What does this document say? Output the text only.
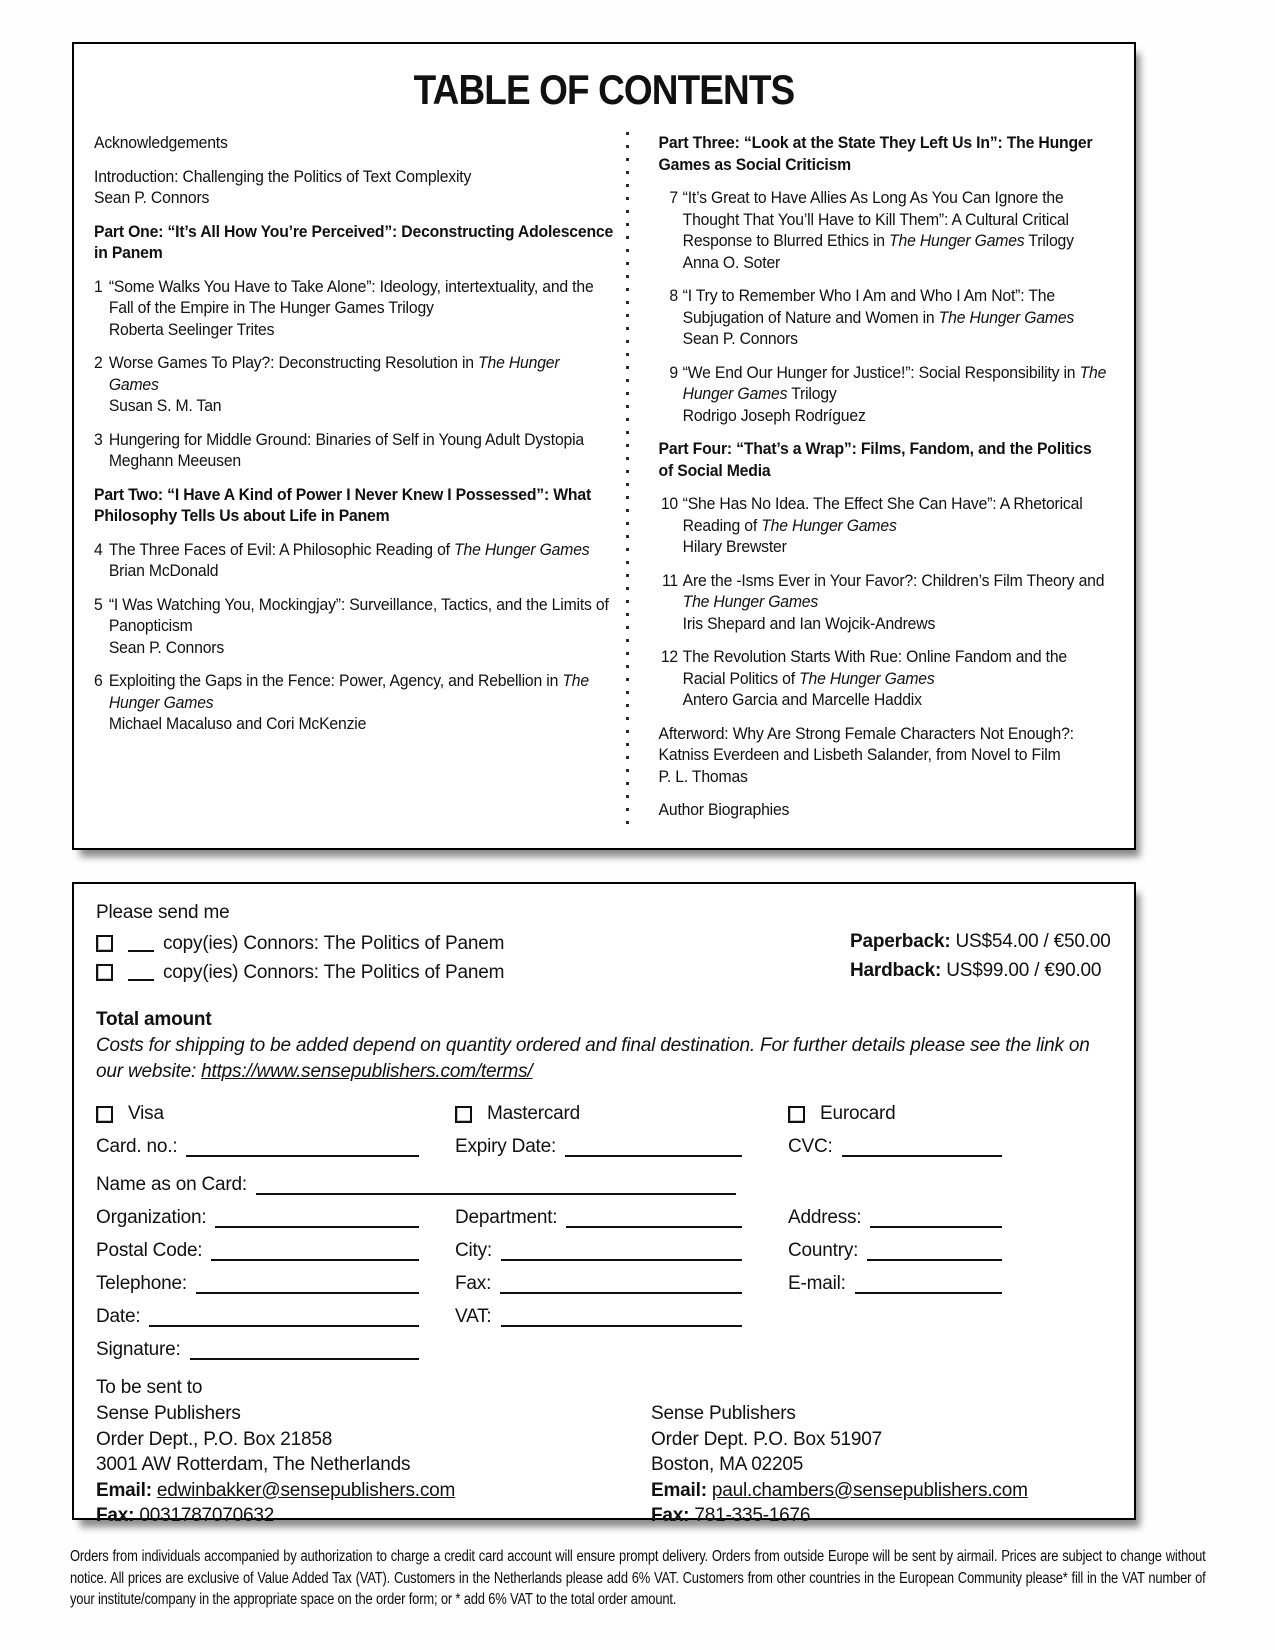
TABLE OF CONTENTS
Acknowledgements
Introduction: Challenging the Politics of Text Complexity
Sean P. Connors
Part One: “It’s All How You’re Perceived”: Deconstructing Adolescence in Panem
1 “Some Walks You Have to Take Alone”: Ideology, intertextuality, and the Fall of the Empire in The Hunger Games Trilogy
Roberta Seelinger Trites
2 Worse Games To Play?: Deconstructing Resolution in The Hunger Games
Susan S. M. Tan
3 Hungering for Middle Ground: Binaries of Self in Young Adult Dystopia
Meghann Meeusen
Part Two: “I Have A Kind of Power I Never Knew I Possessed”: What Philosophy Tells Us about Life in Panem
4 The Three Faces of Evil: A Philosophic Reading of The Hunger Games
Brian McDonald
5 “I Was Watching You, Mockingjay”: Surveillance, Tactics, and the Limits of Panopticism
Sean P. Connors
6 Exploiting the Gaps in the Fence: Power, Agency, and Rebellion in The Hunger Games
Michael Macaluso and Cori McKenzie
Part Three: “Look at the State They Left Us In”: The Hunger Games as Social Criticism
7 “It’s Great to Have Allies As Long As You Can Ignore the Thought That You’ll Have to Kill Them”: A Cultural Critical Response to Blurred Ethics in The Hunger Games Trilogy
Anna O. Soter
8 “I Try to Remember Who I Am and Who I Am Not”: The Subjugation of Nature and Women in The Hunger Games
Sean P. Connors
9 “We End Our Hunger for Justice!”: Social Responsibility in The Hunger Games Trilogy
Rodrigo Joseph Rodríguez
Part Four: “That’s a Wrap”: Films, Fandom, and the Politics of Social Media
10 “She Has No Idea. The Effect She Can Have”: A Rhetorical Reading of The Hunger Games
Hilary Brewster
11 Are the -Isms Ever in Your Favor?: Children’s Film Theory and The Hunger Games
Iris Shepard and Ian Wojcik-Andrews
12 The Revolution Starts With Rue: Online Fandom and the Racial Politics of The Hunger Games
Antero Garcia and Marcelle Haddix
Afterword: Why Are Strong Female Characters Not Enough?: Katniss Everdeen and Lisbeth Salander, from Novel to Film
P. L. Thomas
Author Biographies
Please send me
copy(ies) Connors: The Politics of Panem	Paperback: US$54.00 / €50.00
copy(ies) Connors: The Politics of Panem	Hardback: US$99.00 / €90.00
Total amount
Costs for shipping to be added depend on quantity ordered and final destination. For further details please see the link on our website: https://www.sensepublishers.com/terms/
Visa	Mastercard	Eurocard
Card. no.:	Expiry Date:	CVC:
Name as on Card:
Organization:	Department:	Address:
Postal Code:	City:	Country:
Telephone:	Fax:	E-mail:
Date:	VAT:
Signature:
To be sent to
Sense Publishers
Order Dept., P.O. Box 21858
3001 AW Rotterdam, The Netherlands
Email: edwinbakker@sensepublishers.com
Fax: 0031787070632
Sense Publishers
Order Dept. P.O. Box 51907
Boston, MA 02205
Email: paul.chambers@sensepublishers.com
Fax: 781-335-1676

Orders from individuals accompanied by authorization to charge a credit card account will ensure prompt delivery. Orders from outside Europe will be sent by airmail. Prices are subject to change without notice. All prices are exclusive of Value Added Tax (VAT). Customers in the Netherlands please add 6% VAT. Customers from other countries in the European Community please* fill in the VAT number of your institute/company in the appropriate space on the order form; or * add 6% VAT to the total order amount.
